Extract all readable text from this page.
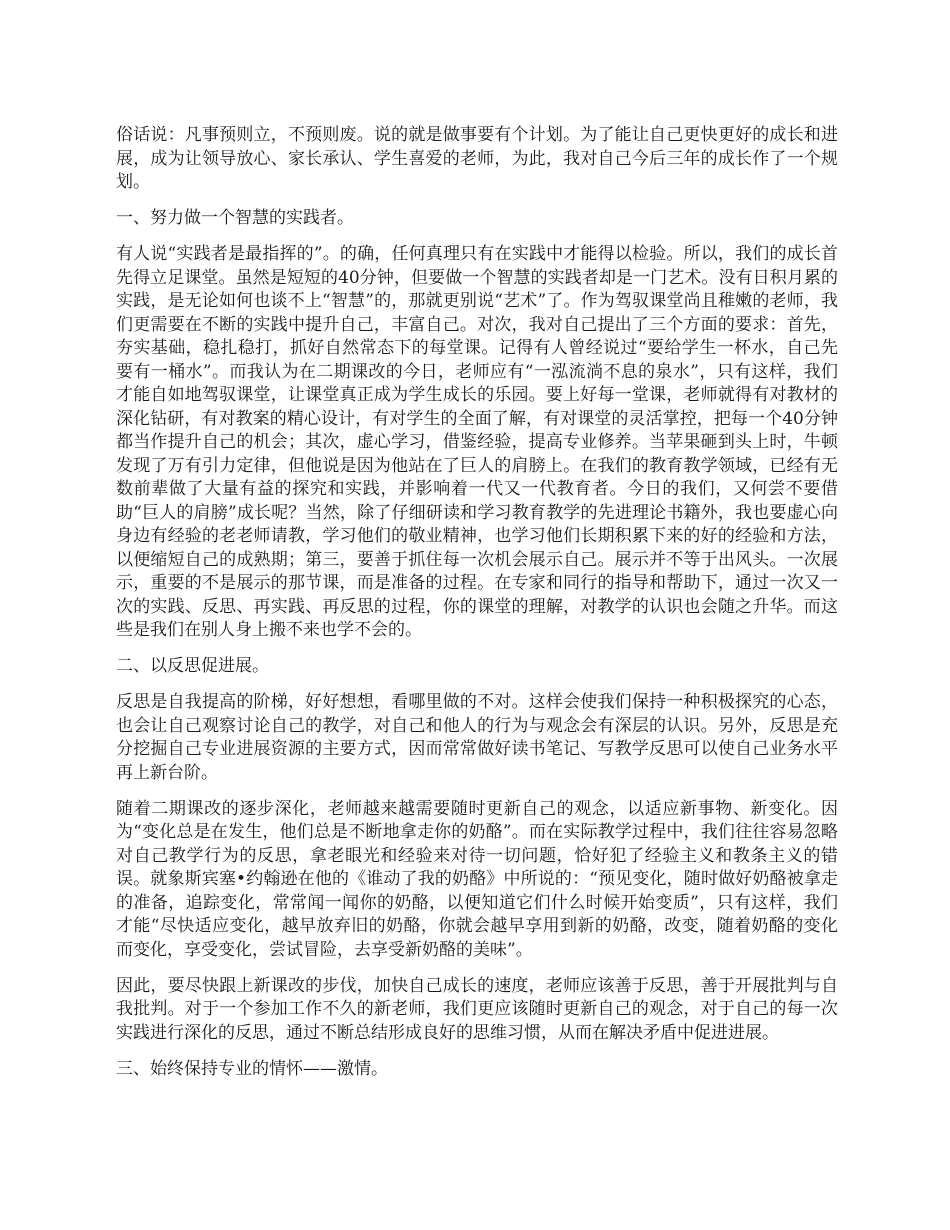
俗话说：凡事预则立，不预则废。说的就是做事要有个计划。为了能让自己更快更好的成长和进展，成为让领导放心、家长承认、学生喜爱的老师，为此，我对自己今后三年的成长作了一个规划。

一、努力做一个智慧的实践者。

有人说“实践者是最指挥的”。的确，任何真理只有在实践中才能得以检验。所以，我们的成长首先得立足课堂。虽然是短短的40分钟，但要做一个智慧的实践者却是一门艺术。没有日积月累的实践，是无论如何也谈不上“智慧”的，那就更别说“艺术”了。作为驾驭课堂尚且稚嫩的老师，我们更需要在不断的实践中提升自己，丰富自己。对次，我对自己提出了三个方面的要求：首先，夯实基础，稳扎稳打，抓好自然常态下的每堂课。记得有人曾经说过“要给学生一杯水，自己先要有一桶水”。而我认为在二期课改的今日，老师应有“一泓流淌不息的泉水”，只有这样，我们才能自如地驾驭课堂，让课堂真正成为学生成长的乐园。要上好每一堂课，老师就得有对教材的深化钻研，有对教案的精心设计，有对学生的全面了解，有对课堂的灵活掌控，把每一个40分钟都当作提升自己的机会；其次，虚心学习，借鉴经验，提高专业修养。当苹果砸到头上时，牛顿发现了万有引力定律，但他说是因为他站在了巨人的肩膀上。在我们的教育教学领域，已经有无数前辈做了大量有益的探究和实践，并影响着一代又一代教育者。今日的我们，又何尝不要借助“巨人的肩膀”成长呢？当然，除了仔细研读和学习教育教学的先进理论书籍外，我也要虚心向身边有经验的老老师请教，学习他们的敬业精神，也学习他们长期积累下来的好的经验和方法，以便缩短自己的成熟期；第三，要善于抓住每一次机会展示自己。展示并不等于出风头。一次展示，重要的不是展示的那节课，而是准备的过程。在专家和同行的指导和帮助下，通过一次又一次的实践、反思、再实践、再反思的过程，你的课堂的理解，对教学的认识也会随之升华。而这些是我们在别人身上搬不来也学不会的。

二、以反思促进展。

反思是自我提高的阶梯，好好想想，看哪里做的不对。这样会使我们保持一种积极探究的心态，也会让自己观察讨论自己的教学，对自己和他人的行为与观念会有深层的认识。另外，反思是充分挖掘自己专业进展资源的主要方式，因而常常做好读书笔记、写教学反思可以使自己业务水平再上新台阶。

随着二期课改的逐步深化，老师越来越需要随时更新自己的观念，以适应新事物、新变化。因为“变化总是在发生，他们总是不断地拿走你的奶酪”。而在实际教学过程中，我们往往容易忽略对自己教学行为的反思，拿老眼光和经验来对待一切问题，恰好犯了经验主义和教条主义的错误。就象斯宾塞•约翰逊在他的《谁动了我的奶酪》中所说的：“预见变化，随时做好奶酪被拿走的准备，追踪变化，常常闻一闻你的奶酪，以便知道它们什么时候开始变质”，只有这样，我们才能“尽快适应变化，越早放弃旧的奶酪，你就会越早享用到新的奶酪，改变，随着奶酪的变化而变化，享受变化，尝试冒险，去享受新奶酪的美味”。

因此，要尽快跟上新课改的步伐，加快自己成长的速度，老师应该善于反思，善于开展批判与自我批判。对于一个参加工作不久的新老师，我们更应该随时更新自己的观念，对于自己的每一次实践进行深化的反思，通过不断总结形成良好的思维习惯，从而在解决矛盾中促进进展。

三、始终保持专业的情怀——激情。
